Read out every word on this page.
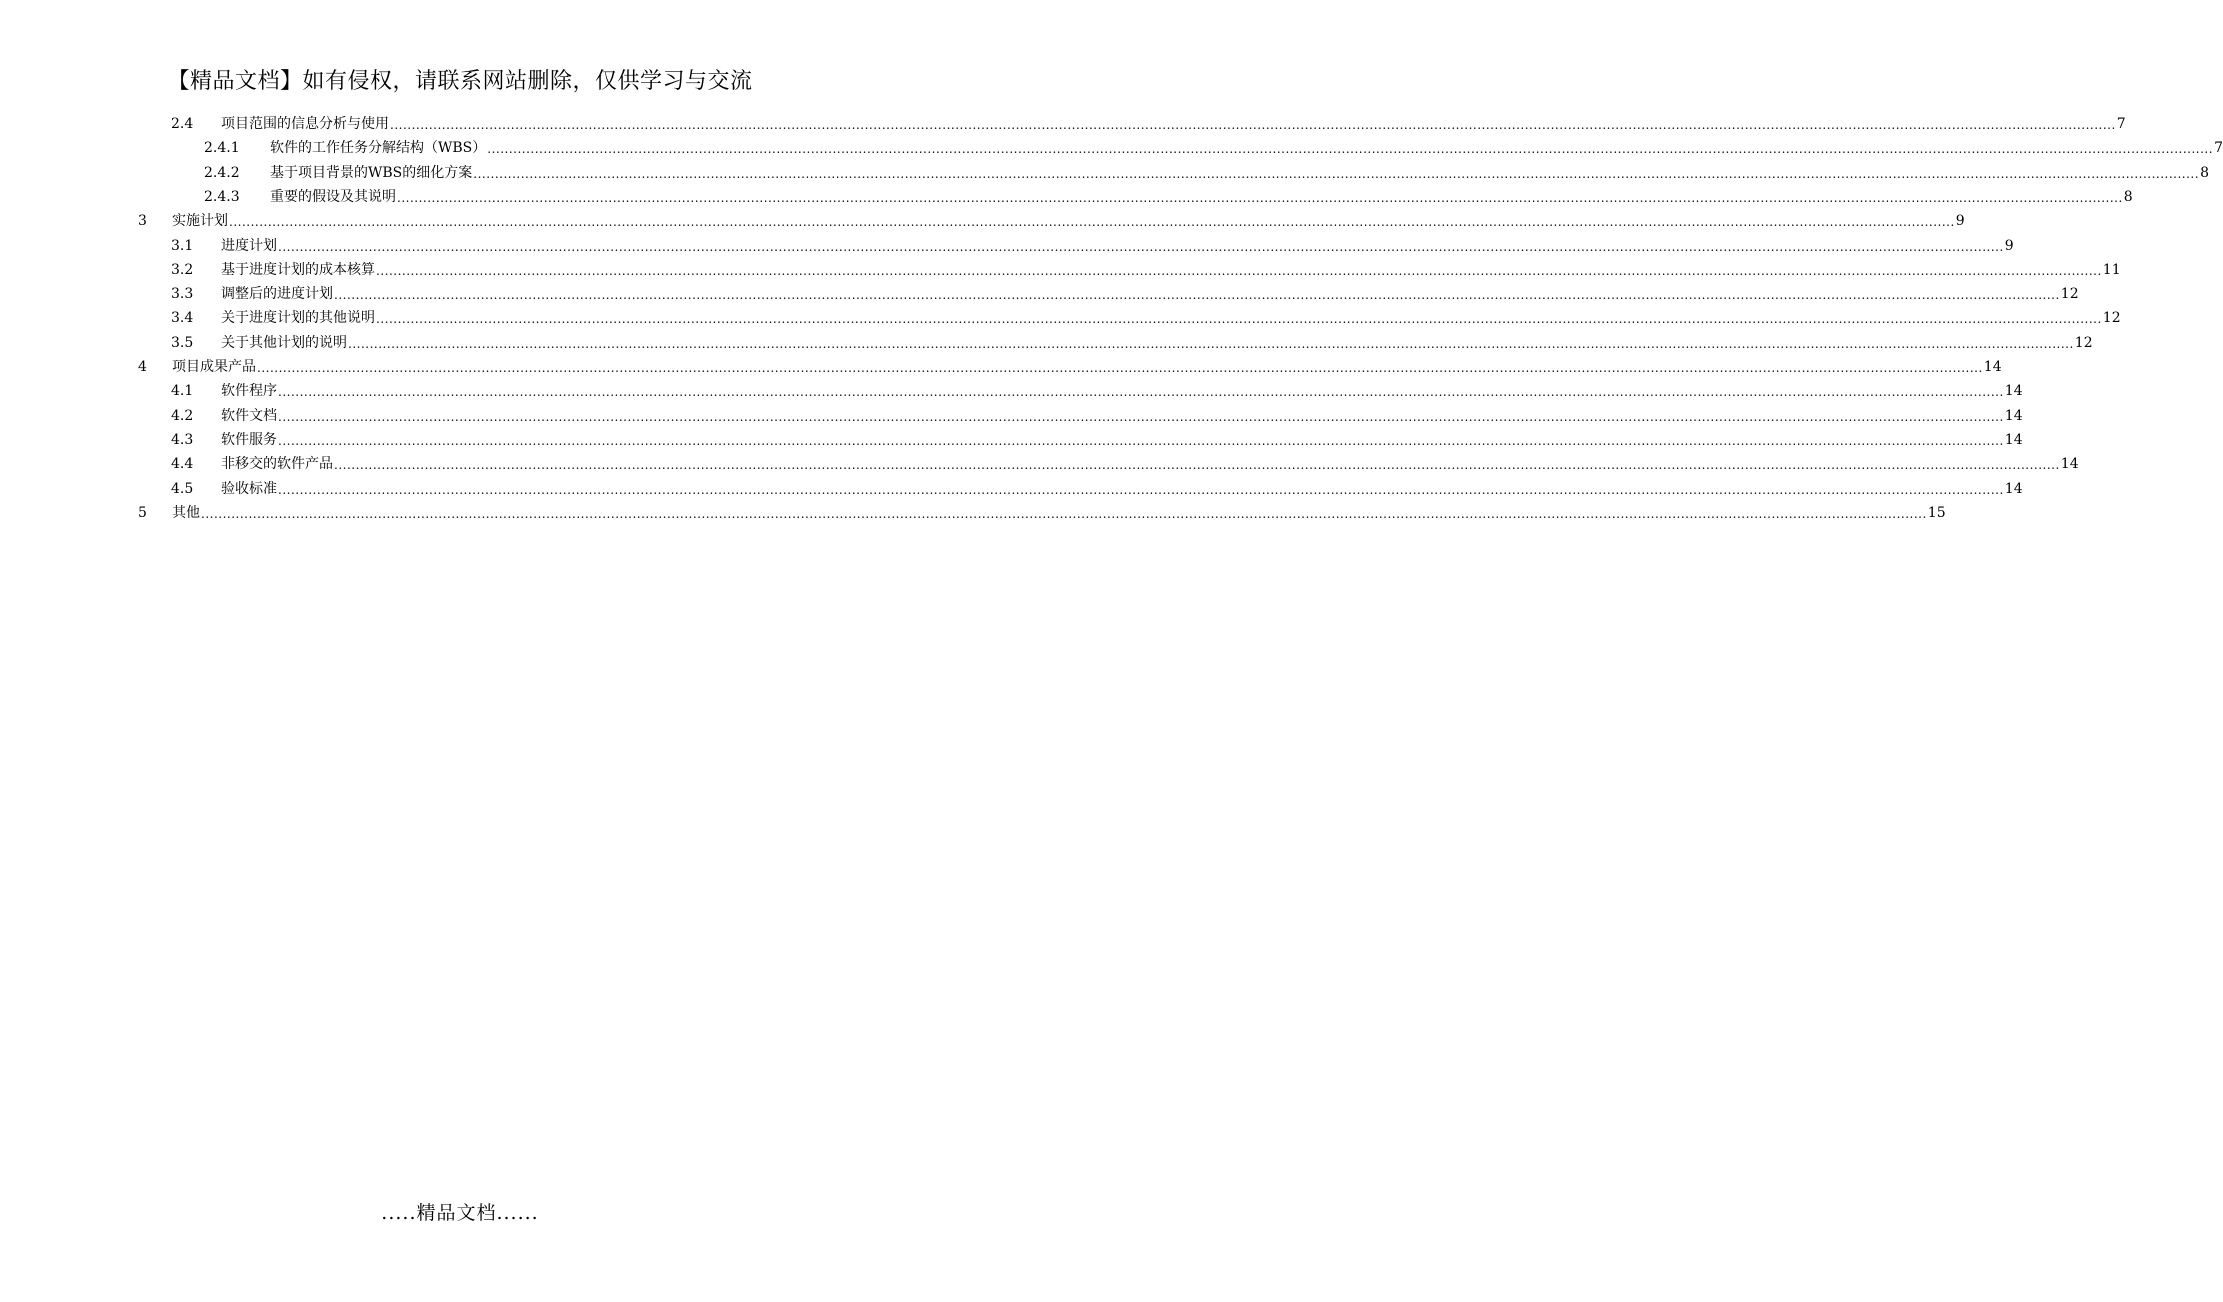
【精品文档】如有侵权，请联系网站删除，仅供学习与交流
2.4	项目范围的信息分析与使用 ................................................................................................................................................................................................................................................................................................................................................................................................................ 7
2.4.1	软件的工作任务分解结构（WBS） ................................................................................................................................................................................................................................................................................................................................................................................................................ 7
2.4.2	基于项目背景的WBS的细化方案 ................................................................................................................................................................................................................................................................................................................................................................................................................ 8
2.4.3	重要的假设及其说明 ................................................................................................................................................................................................................................................................................................................................................................................................................ 8
3	实施计划 ................................................................................................................................................................................................................................................................................................................................................................................................................ 9
3.1	进度计划 ................................................................................................................................................................................................................................................................................................................................................................................................................ 9
3.2	基于进度计划的成本核算 ................................................................................................................................................................................................................................................................................................................................................................................................................ 11
3.3	调整后的进度计划 ................................................................................................................................................................................................................................................................................................................................................................................................................ 12
3.4	关于进度计划的其他说明 ................................................................................................................................................................................................................................................................................................................................................................................................................ 12
3.5	关于其他计划的说明 ................................................................................................................................................................................................................................................................................................................................................................................................................ 12
4	项目成果产品 ................................................................................................................................................................................................................................................................................................................................................................................................................ 14
4.1	软件程序 ................................................................................................................................................................................................................................................................................................................................................................................................................ 14
4.2	软件文档 ................................................................................................................................................................................................................................................................................................................................................................................................................ 14
4.3	软件服务 ................................................................................................................................................................................................................................................................................................................................................................................................................ 14
4.4	非移交的软件产品 ................................................................................................................................................................................................................................................................................................................................................................................................................ 14
4.5	验收标准 ................................................................................................................................................................................................................................................................................................................................................................................................................ 14
5	其他 ................................................................................................................................................................................................................................................................................................................................................................................................................ 15
.....精品文档......
